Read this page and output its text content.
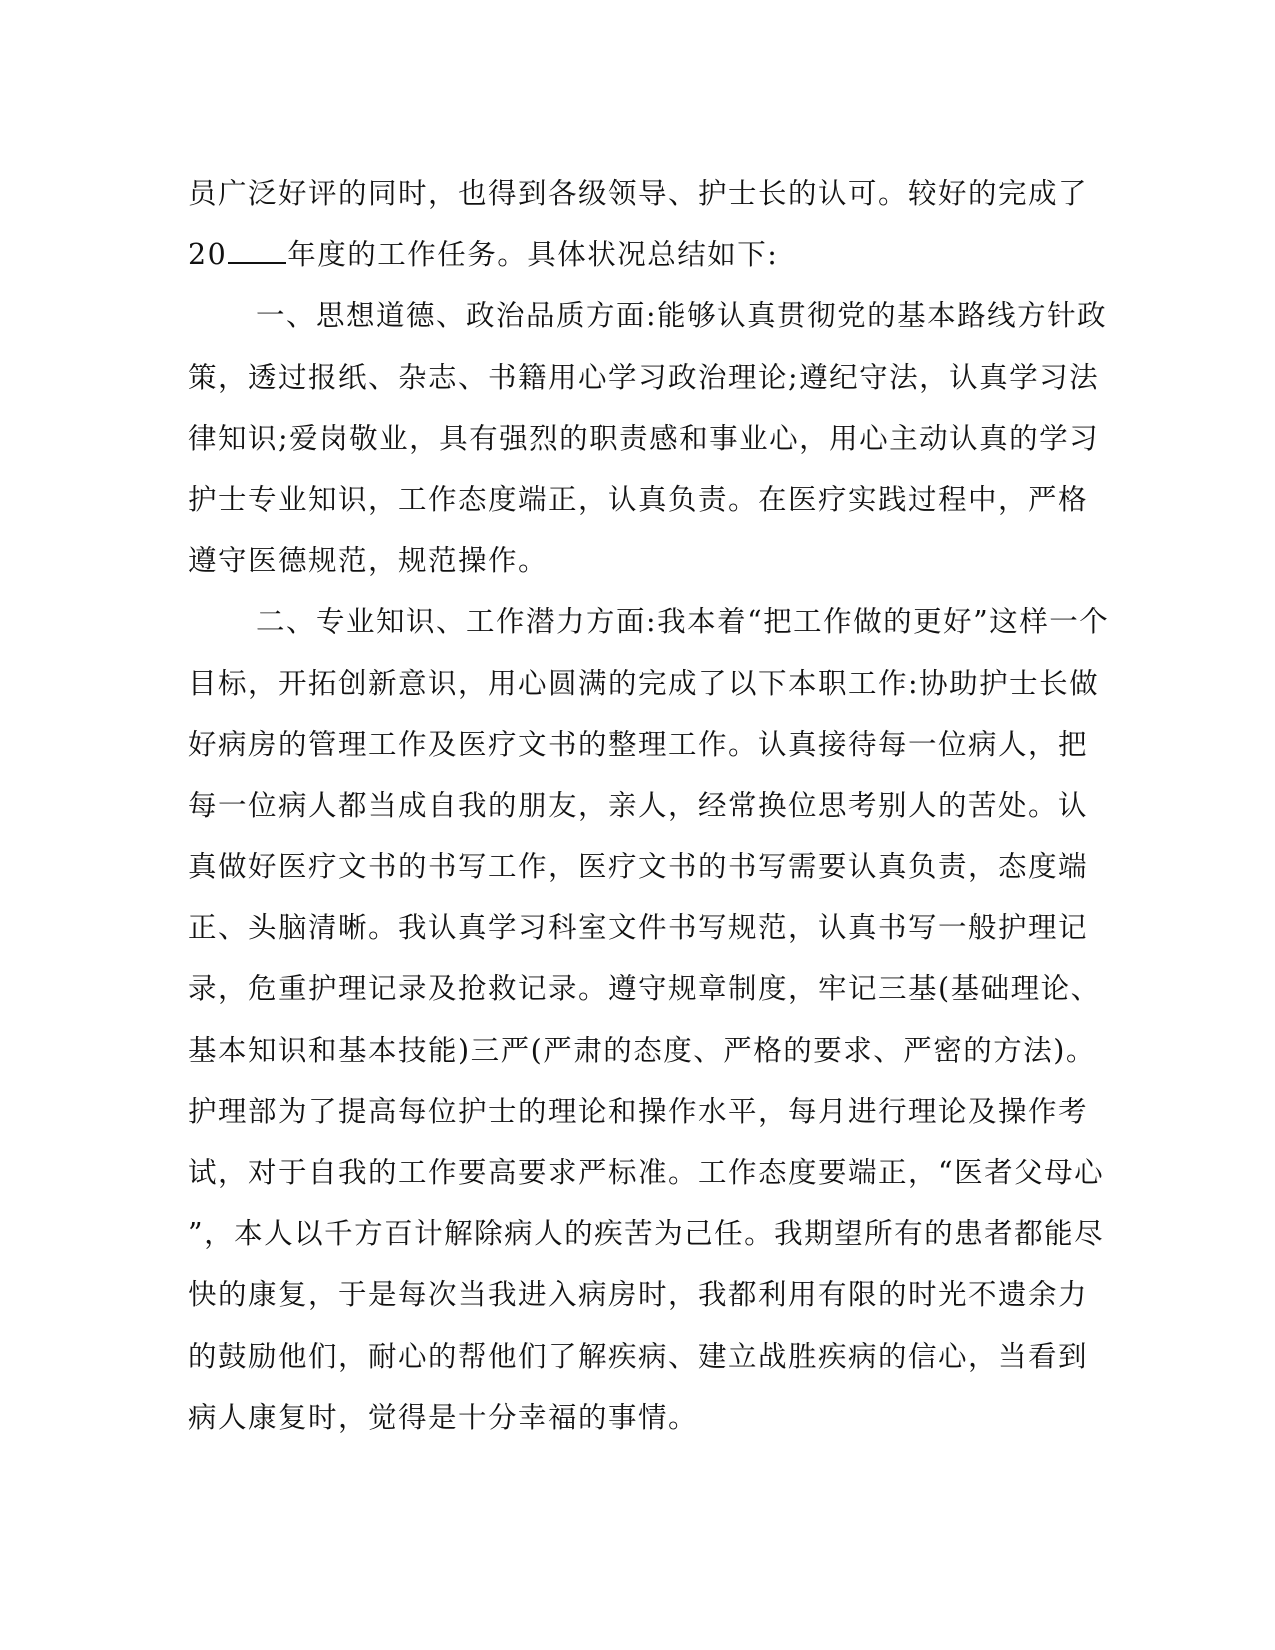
员广泛好评的同时，也得到各级领导、护士长的认可。较好的完成了
20 年度的工作任务。具体状况总结如下:
一、思想道德、政治品质方面:能够认真贯彻党的基本路线方针政
策，透过报纸、杂志、书籍用心学习政治理论;遵纪守法，认真学习法
律知识;爱岗敬业，具有强烈的职责感和事业心，用心主动认真的学习
护士专业知识，工作态度端正，认真负责。在医疗实践过程中，严格
遵守医德规范，规范操作。
二、专业知识、工作潜力方面:我本着“把工作做的更好”这样一个
目标，开拓创新意识，用心圆满的完成了以下本职工作:协助护士长做
好病房的管理工作及医疗文书的整理工作。认真接待每一位病人，把
每一位病人都当成自我的朋友，亲人，经常换位思考别人的苦处。认
真做好医疗文书的书写工作，医疗文书的书写需要认真负责，态度端
正、头脑清晰。我认真学习科室文件书写规范，认真书写一般护理记
录，危重护理记录及抢救记录。遵守规章制度，牢记三基(基础理论、
基本知识和基本技能)三严(严肃的态度、严格的要求、严密的方法)。
护理部为了提高每位护士的理论和操作水平，每月进行理论及操作考
试，对于自我的工作要高要求严标准。工作态度要端正，“医者父母心
”，本人以千方百计解除病人的疾苦为己任。我期望所有的患者都能尽
快的康复，于是每次当我进入病房时，我都利用有限的时光不遗余力
的鼓励他们，耐心的帮他们了解疾病、建立战胜疾病的信心，当看到
病人康复时，觉得是十分幸福的事情。
